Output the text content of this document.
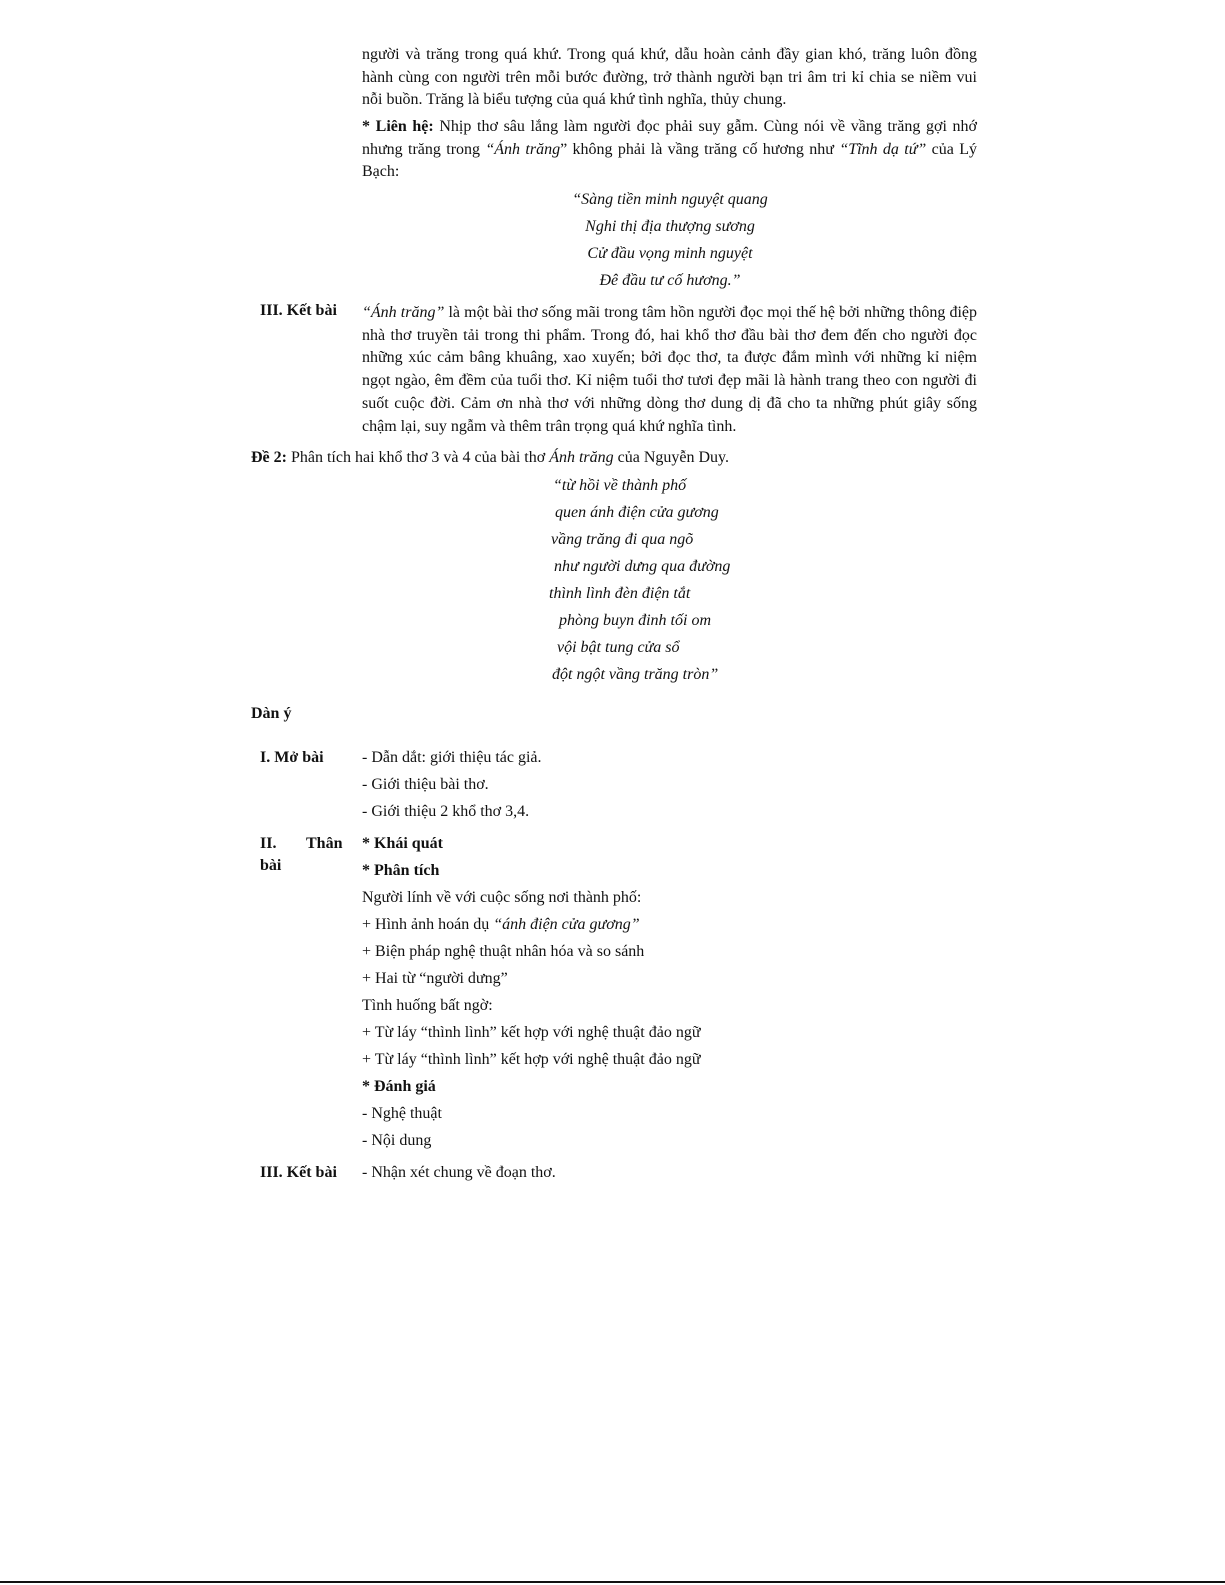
người và trăng trong quá khứ. Trong quá khứ, dẫu hoàn cảnh đầy gian khó, trăng luôn đồng hành cùng con người trên mỗi bước đường, trở thành người bạn tri âm tri kỉ chia se niềm vui nỗi buồn. Trăng là biểu tượng của quá khứ tình nghĩa, thủy chung.
* Liên hệ: Nhịp thơ sâu lắng làm người đọc phải suy gẫm. Cùng nói về vầng trăng gợi nhớ nhưng trăng trong “Ánh trăng” không phải là vầng trăng cố hương như “Tĩnh dạ tứ” của Lý Bạch:
“Sàng tiền minh nguyệt quang
Nghi thị địa thượng sương
Cử đầu vọng minh nguyệt
Đê đầu tư cố hương.”
III. Kết bài “Ánh trăng” là một bài thơ sống mãi trong tâm hồn người đọc mọi thế hệ bởi những thông điệp nhà thơ truyền tải trong thi phẩm. Trong đó, hai khổ thơ đầu bài thơ đem đến cho người đọc những xúc cảm bâng khuâng, xao xuyến; bởi đọc thơ, ta được đắm mình với những kỉ niệm ngọt ngào, êm đềm của tuổi thơ. Kỉ niệm tuổi thơ tươi đẹp mãi là hành trang theo con người đi suốt cuộc đời. Cảm ơn nhà thơ với những dòng thơ dung dị đã cho ta những phút giây sống chậm lại, suy ngẫm và thêm trân trọng quá khứ nghĩa tình.
Đề 2: Phân tích hai khổ thơ 3 và 4 của bài thơ Ánh trăng của Nguyễn Duy.
“từ hồi về thành phố
quen ánh điện cửa gương
vầng trăng đi qua ngõ
như người dưng qua đường
thình lình đèn điện tắt
phòng buyn đinh tối om
vội bật tung cửa sổ
đột ngột vầng trăng tròn”
Dàn ý
I. Mở bài - Dẫn dắt: giới thiệu tác giả.
- Giới thiệu bài thơ.
- Giới thiệu 2 khổ thơ 3,4.
II. Thân
bài
* Khái quát
* Phân tích
Người lính về với cuộc sống nơi thành phố:
+ Hình ảnh hoán dụ “ánh điện cửa gương”
+ Biện pháp nghệ thuật nhân hóa và so sánh
+ Hai từ “người dưng”
Tình huống bất ngờ:
+ Từ láy “thình lình” kết hợp với nghệ thuật đảo ngữ
+ Từ láy “thình lình” kết hợp với nghệ thuật đảo ngữ
* Đánh giá
- Nghệ thuật
- Nội dung
III. Kết bài - Nhận xét chung về đoạn thơ.
